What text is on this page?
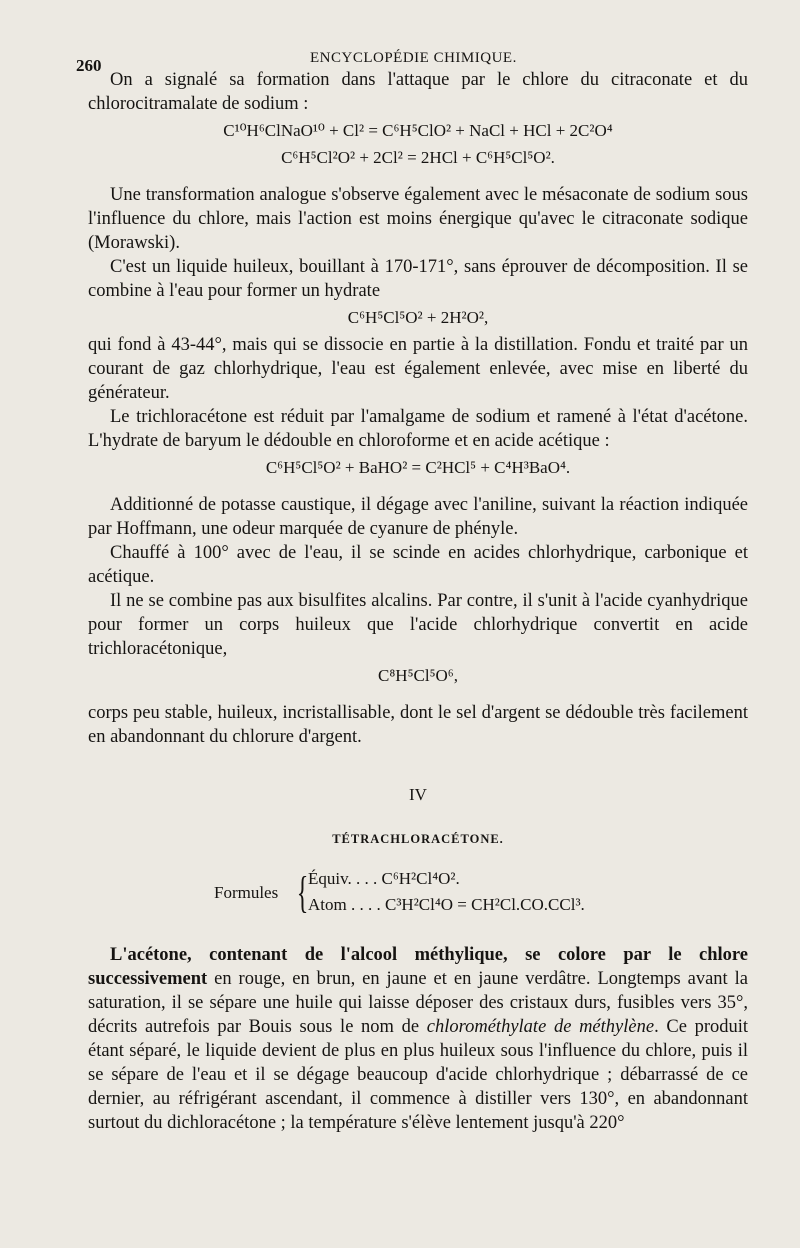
260	ENCYCLOPÉDIE CHIMIQUE.

On a signalé sa formation dans l'attaque par le chlore du citraconate et du chlorocitramalate de sodium :

C¹⁰H⁶ClNaO¹⁰ + Cl² = C⁶H⁵ClO² + NaCl + HCl + 2C²O⁴
C⁶H⁵Cl²O² + 2Cl² = 2HCl + C⁶H⁵Cl⁵O².

Une transformation analogue s'observe également avec le mésaconate de sodium sous l'influence du chlore, mais l'action est moins énergique qu'avec le citraconate sodique (Morawski).

C'est un liquide huileux, bouillant à 170-171°, sans éprouver de décomposition. Il se combine à l'eau pour former un hydrate

C⁶H⁵Cl⁵O² + 2H²O²,

qui fond à 43-44°, mais qui se dissocie en partie à la distillation. Fondu et traité par un courant de gaz chlorhydrique, l'eau est également enlevée, avec mise en liberté du générateur.

Le trichloracétone est réduit par l'amalgame de sodium et ramené à l'état d'acétone. L'hydrate de baryum le dédouble en chloroforme et en acide acétique :

C⁶H⁵Cl⁵O² + BaHO² = C²HCl⁵ + C⁴H³BaO⁴.

Additionné de potasse caustique, il dégage avec l'aniline, suivant la réaction indiquée par Hoffmann, une odeur marquée de cyanure de phényle.

Chauffé à 100° avec de l'eau, il se scinde en acides chlorhydrique, carbonique et acétique.

Il ne se combine pas aux bisulfites alcalins. Par contre, il s'unit à l'acide cyanhydrique pour former un corps huileux que l'acide chlorhydrique convertit en acide trichloracétonique,

C⁸H⁵Cl⁵O⁶,

corps peu stable, huileux, incristallisable, dont le sel d'argent se dédouble très facilement en abandonnant du chlorure d'argent.

IV
TÉTRACHLORACÉTONE.
Formules { Équiv. . . . C⁶H²Cl⁴O².
Atom . . . . C³H²Cl⁴O = CH²Cl.CO.CCl³.

L'acétone, contenant de l'alcool méthylique, se colore par le chlore successivement en rouge, en brun, en jaune et en jaune verdâtre. Longtemps avant la saturation, il se sépare une huile qui laisse déposer des cristaux durs, fusibles vers 35°, décrits autrefois par Bouis sous le nom de chlorométhylate de méthylène. Ce produit étant séparé, le liquide devient de plus en plus huileux sous l'influence du chlore, puis il se sépare de l'eau et il se dégage beaucoup d'acide chlorhydrique ; débarrassé de ce dernier, au réfrigérant ascendant, il commence à distiller vers 130°, en abandonnant surtout du dichloracétone ; la température s'élève lentement jusqu'à 220°
